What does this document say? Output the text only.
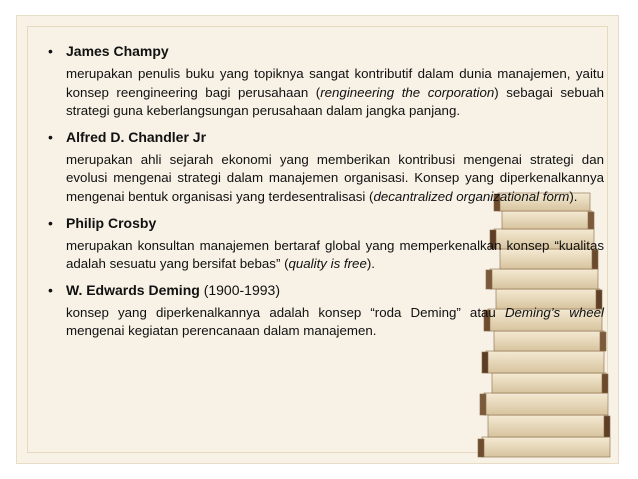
• James Champy
merupakan penulis buku yang topiknya sangat kontributif dalam dunia manajemen, yaitu konsep reengineering bagi perusahaan (rengineering the corporation) sebagai sebuah strategi guna keberlangsungan perusahaan dalam jangka panjang.
• Alfred D. Chandler Jr
merupakan ahli sejarah ekonomi yang memberikan kontribusi mengenai strategi dan evolusi mengenai strategi dalam manajemen organisasi. Konsep yang diperkenalkannya mengenai bentuk organisasi yang terdesentralisasi (decantralized organizational form).
• Philip Crosby
merupakan konsultan manajemen bertaraf global yang memperkenalkan konsep “kualitas adalah sesuatu yang bersifat bebas” (quality is free).
• W. Edwards Deming (1900-1993)
konsep yang diperkenalkannya adalah konsep “roda Deming” atau Deming’s wheel mengenai kegiatan perencanaan dalam manajemen.
